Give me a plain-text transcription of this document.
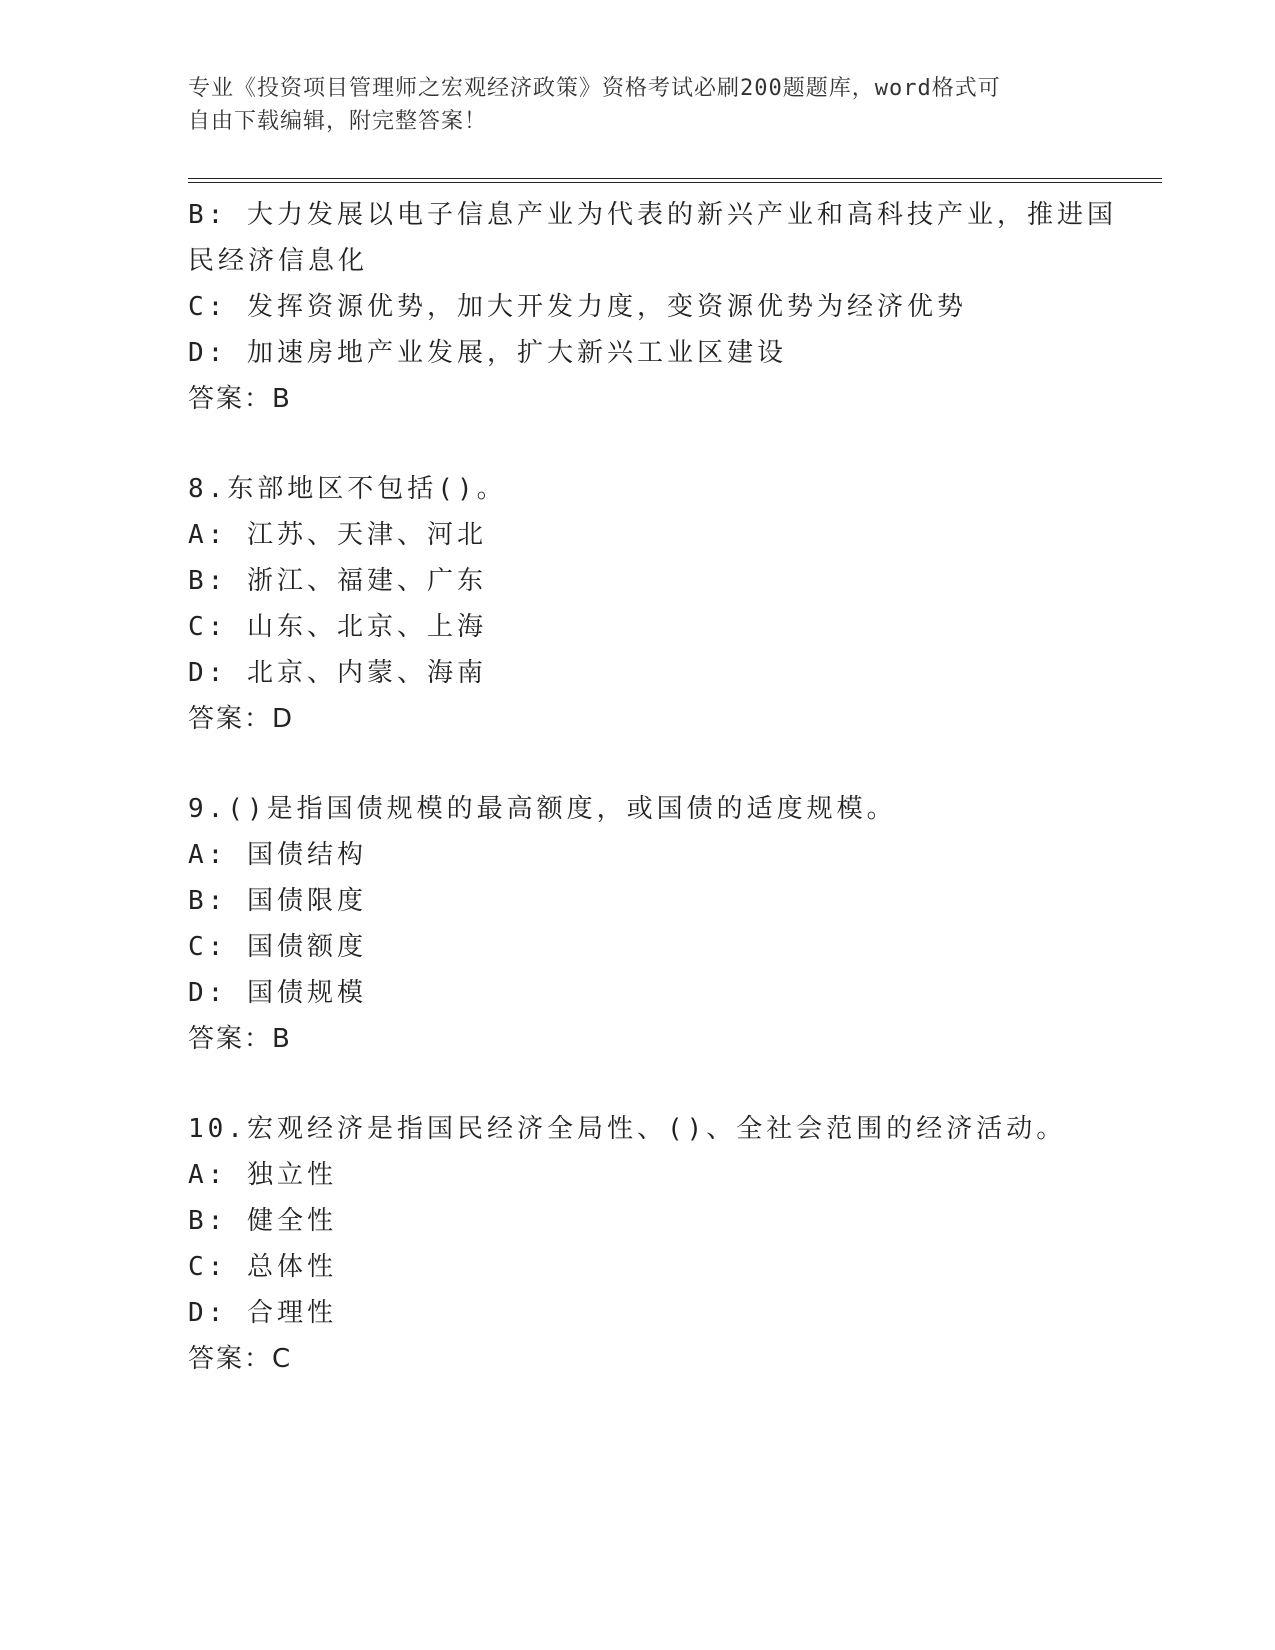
专业《投资项目管理师之宏观经济政策》资格考试必刷200题题库，word格式可
自由下载编辑，附完整答案！
B: 大力发展以电子信息产业为代表的新兴产业和高科技产业，推进国
民经济信息化
C: 发挥资源优势，加大开发力度，变资源优势为经济优势
D: 加速房地产业发展，扩大新兴工业区建设
答案：B
8.东部地区不包括()。
A: 江苏、天津、河北
B: 浙江、福建、广东
C: 山东、北京、上海
D: 北京、内蒙、海南
答案：D
9.()是指国债规模的最高额度，或国债的适度规模。
A: 国债结构
B: 国债限度
C: 国债额度
D: 国债规模
答案：B
10.宏观经济是指国民经济全局性、()、全社会范围的经济活动。
A: 独立性
B: 健全性
C: 总体性
D: 合理性
答案：C
